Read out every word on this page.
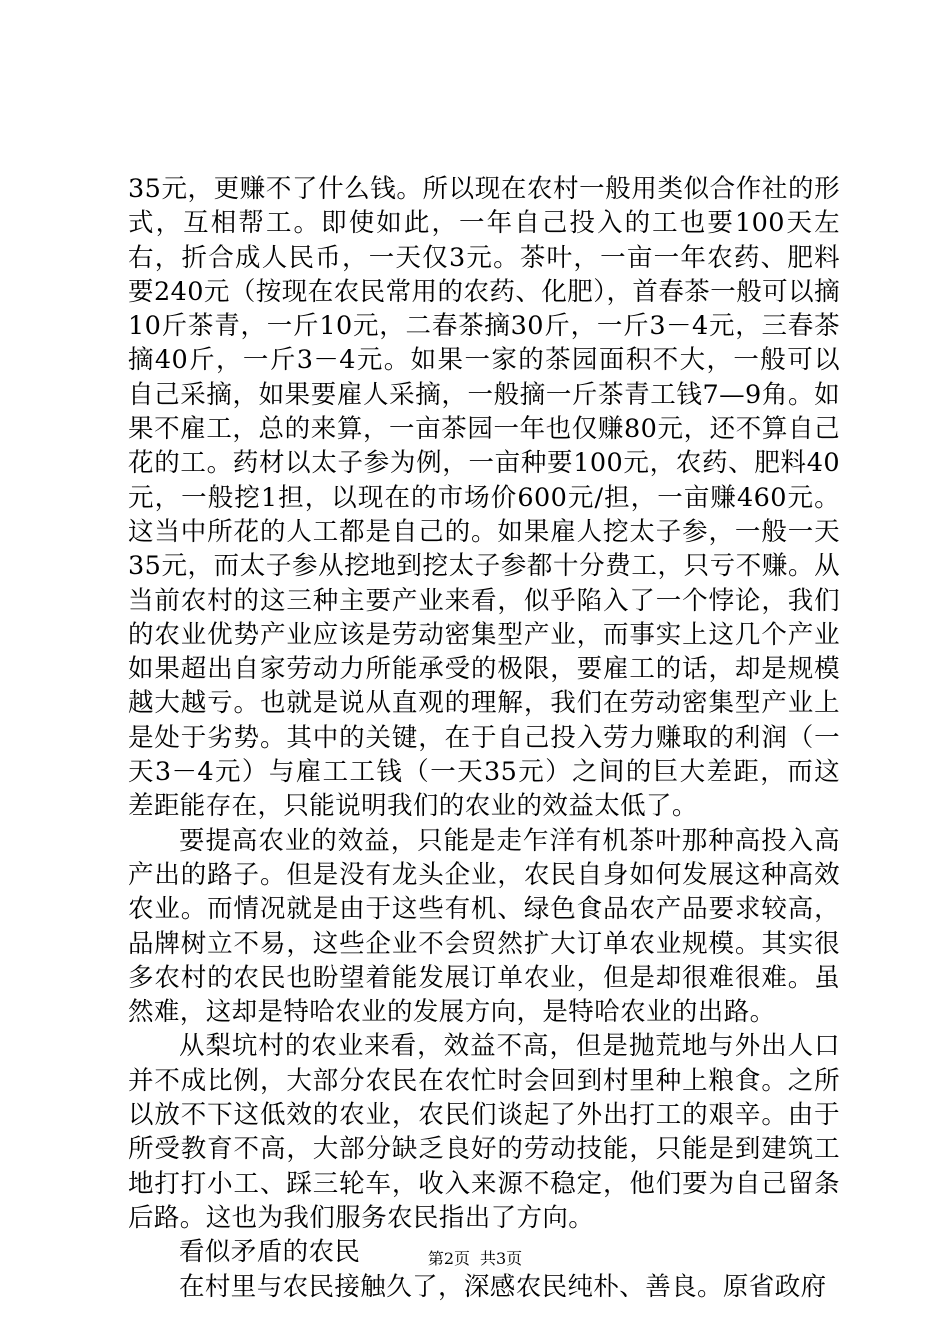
35元，更赚不了什么钱。所以现在农村一般用类似合作社的形式，互相帮工。即使如此，一年自己投入的工也要100天左右，折合成人民币，一天仅3元。茶叶，一亩一年农药、肥料要240元（按现在农民常用的农药、化肥），首春茶一般可以摘10斤茶青，一斤10元，二春茶摘30斤，一斤3－4元，三春茶摘40斤，一斤3－4元。如果一家的茶园面积不大，一般可以自己采摘，如果要雇人采摘，一般摘一斤茶青工钱7—9角。如果不雇工，总的来算，一亩茶园一年也仅赚80元，还不算自己花的工。药材以太子参为例，一亩种要100元，农药、肥料40元，一般挖1担，以现在的市场价600元/担，一亩赚460元。这当中所花的人工都是自己的。如果雇人挖太子参，一般一天35元，而太子参从挖地到挖太子参都十分费工，只亏不赚。从当前农村的这三种主要产业来看，似乎陷入了一个悖论，我们的农业优势产业应该是劳动密集型产业，而事实上这几个产业如果超出自家劳动力所能承受的极限，要雇工的话，却是规模越大越亏。也就是说从直观的理解，我们在劳动密集型产业上是处于劣势。其中的关键，在于自己投入劳力赚取的利润（一天3－4元）与雇工工钱（一天35元）之间的巨大差距，而这差距能存在，只能说明我们的农业的效益太低了。

要提高农业的效益，只能是走乍洋有机茶叶那种高投入高产出的路子。但是没有龙头企业，农民自身如何发展这种高效农业。而情况就是由于这些有机、绿色食品农产品要求较高，品牌树立不易，这些企业不会贸然扩大订单农业规模。其实很多农村的农民也盼望着能发展订单农业，但是却很难很难。虽然难，这却是特哈农业的发展方向，是特哈农业的出路。

从梨坑村的农业来看，效益不高，但是抛荒地与外出人口并不成比例，大部分农民在农忙时会回到村里种上粮食。之所以放不下这低效的农业，农民们谈起了外出打工的艰辛。由于所受教育不高，大部分缺乏良好的劳动技能，只能是到建筑工地打打小工、踩三轮车，收入来源不稳定，他们要为自己留条后路。这也为我们服务农民指出了方向。

看似矛盾的农民

在村里与农民接触久了，深感农民纯朴、善良。原省政府

第2页 共3页
